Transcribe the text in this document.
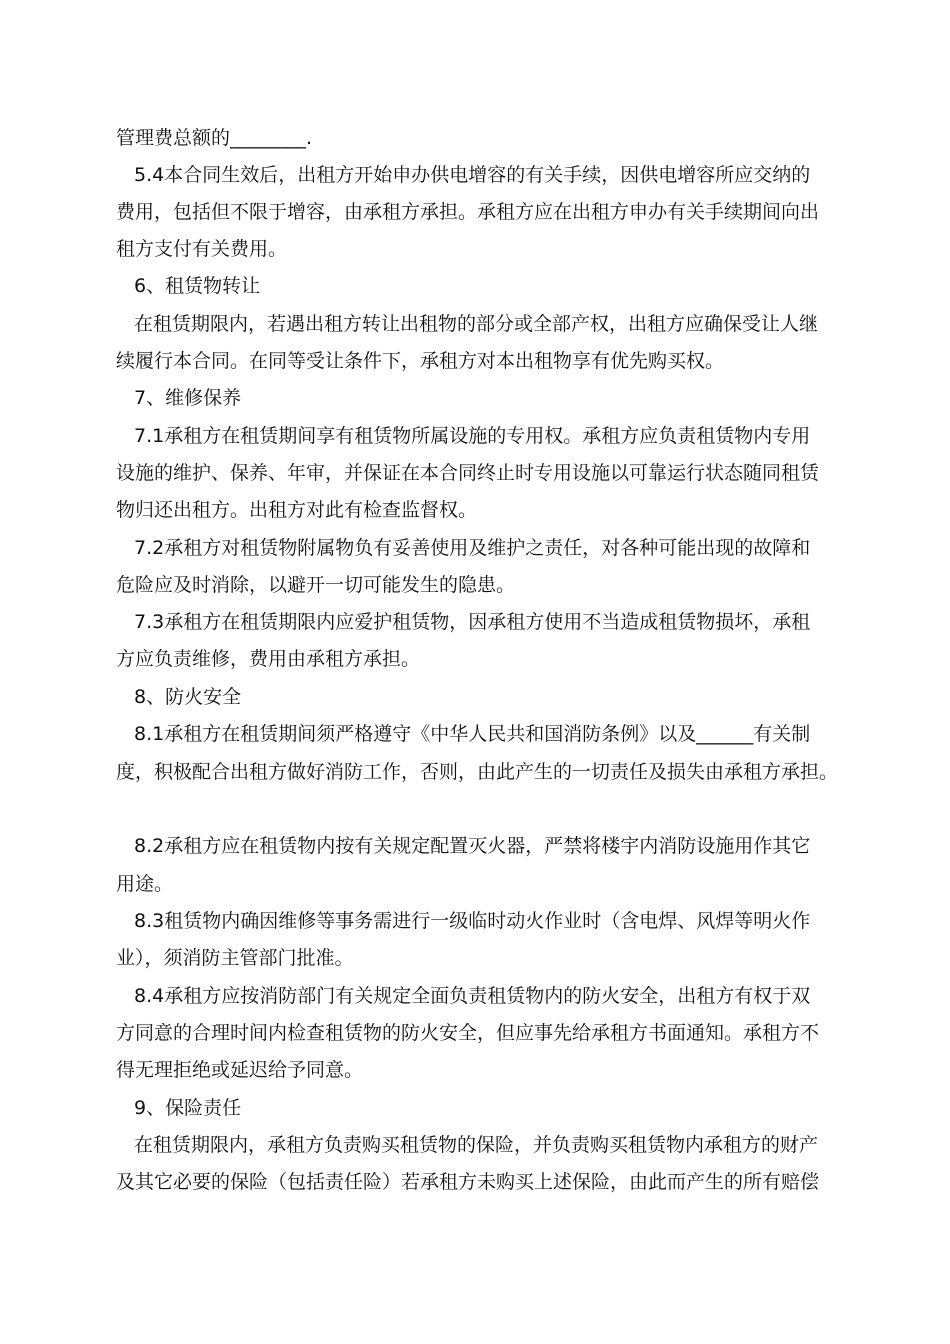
管理费总额的________.
5.4本合同生效后，出租方开始申办供电增容的有关手续，因供电增容所应交纳的
费用，包括但不限于增容，由承租方承担。承租方应在出租方申办有关手续期间向出
租方支付有关费用。
6、租赁物转让
在租赁期限内，若遇出租方转让出租物的部分或全部产权，出租方应确保受让人继
续履行本合同。在同等受让条件下，承租方对本出租物享有优先购买权。
7、维修保养
7.1承租方在租赁期间享有租赁物所属设施的专用权。承租方应负责租赁物内专用
设施的维护、保养、年审，并保证在本合同终止时专用设施以可靠运行状态随同租赁
物归还出租方。出租方对此有检查监督权。
7.2承租方对租赁物附属物负有妥善使用及维护之责任，对各种可能出现的故障和
危险应及时消除，以避开一切可能发生的隐患。
7.3承租方在租赁期限内应爱护租赁物，因承租方使用不当造成租赁物损坏，承租
方应负责维修，费用由承租方承担。
8、防火安全
8.1承租方在租赁期间须严格遵守《中华人民共和国消防条例》以及______有关制
度，积极配合出租方做好消防工作，否则，由此产生的一切责任及损失由承租方承担。
8.2承租方应在租赁物内按有关规定配置灭火器，严禁将楼宇内消防设施用作其它
用途。
8.3租赁物内确因维修等事务需进行一级临时动火作业时（含电焊、风焊等明火作
业），须消防主管部门批准。
8.4承租方应按消防部门有关规定全面负责租赁物内的防火安全，出租方有权于双
方同意的合理时间内检查租赁物的防火安全，但应事先给承租方书面通知。承租方不
得无理拒绝或延迟给予同意。
9、保险责任
在租赁期限内，承租方负责购买租赁物的保险，并负责购买租赁物内承租方的财产
及其它必要的保险（包括责任险）若承租方未购买上述保险，由此而产生的所有赔偿
